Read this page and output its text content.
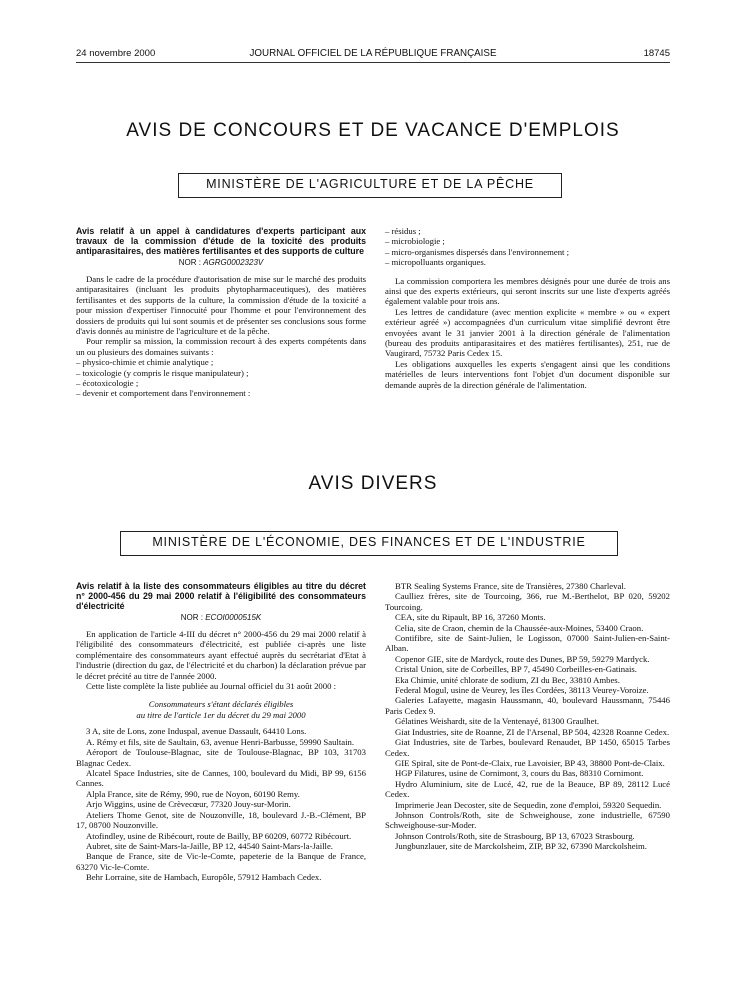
24 novembre 2000	JOURNAL OFFICIEL DE LA RÉPUBLIQUE FRANÇAISE	18745
AVIS DE CONCOURS ET DE VACANCE D'EMPLOIS
MINISTÈRE DE L'AGRICULTURE ET DE LA PÊCHE

Avis relatif à un appel à candidatures d'experts participant aux travaux de la commission d'étude de la toxicité des produits antiparasitaires, des matières fertilisantes et des supports de culture

NOR : AGRG0002323V

Dans le cadre de la procédure d'autorisation de mise sur le marché des produits antiparasitaires (incluant les produits phytopharmaceutiques), des matières fertilisantes et des supports de la culture, la commission d'étude de la toxicité a pour mission d'expertiser l'innocuité pour l'homme et pour l'environnement des dossiers de produits qui lui sont soumis et de présenter ses conclusions sous forme d'avis donnés au ministre de l'agriculture et de la pêche.

Pour remplir sa mission, la commission recourt à des experts compétents dans un ou plusieurs des domaines suivants :

– physico-chimie et chimie analytique ;

– toxicologie (y compris le risque manipulateur) ;

– écotoxicologie ;

– devenir et comportement dans l'environnement :

– résidus ;

– microbiologie ;

– micro-organismes dispersés dans l'environnement ;

– micropolluants organiques.

La commission comportera les membres désignés pour une durée de trois ans ainsi que des experts extérieurs, qui seront inscrits sur une liste d'experts agréés également valable pour trois ans.

Les lettres de candidature (avec mention explicite « membre » ou « expert extérieur agréé ») accompagnées d'un curriculum vitae simplifié devront être envoyées avant le 31 janvier 2001 à la direction générale de l'alimentation (bureau des produits antiparasitaires et des matières fertilisantes), 251, rue de Vaugirard, 75732 Paris Cedex 15.

Les obligations auxquelles les experts s'engagent ainsi que les conditions matérielles de leurs interventions font l'objet d'un document disponible sur demande auprès de la direction générale de l'alimentation.

AVIS DIVERS
MINISTÈRE DE L'ÉCONOMIE, DES FINANCES ET DE L'INDUSTRIE

Avis relatif à la liste des consommateurs éligibles au titre du décret n° 2000-456 du 29 mai 2000 relatif à l'éligibilité des consommateurs d'électricité

NOR : ECOI0000515K

En application de l'article 4-III du décret n° 2000-456 du 29 mai 2000 relatif à l'éligibilité des consommateurs d'électricité, est publiée ci-après une liste complémentaire des consommateurs ayant effectué auprès du secrétariat d'Etat à l'industrie (direction du gaz, de l'électricité et du charbon) la déclaration prévue par le décret précité au titre de l'année 2000.

Cette liste complète la liste publiée au Journal officiel du 31 août 2000 :

Consommateurs s'étant déclarés éligibles
au titre de l'article 1er du décret du 29 mai 2000

3 A, site de Lons, zone Induspal, avenue Dassault, 64410 Lons.

A. Rémy et fils, site de Saultain, 63, avenue Henri-Barbusse, 59990 Saultain.

Aéroport de Toulouse-Blagnac, site de Toulouse-Blagnac, BP 103, 31703 Blagnac Cedex.

Alcatel Space Industries, site de Cannes, 100, boulevard du Midi, BP 99, 6156 Cannes.

Alpla France, site de Rémy, 990, rue de Noyon, 60190 Remy.

Arjo Wiggins, usine de Crèvecœur, 77320 Jouy-sur-Morin.

Ateliers Thome Genot, site de Nouzonville, 18, boulevard J.-B.-Clément, BP 17, 08700 Nouzonville.

Atofindley, usine de Ribécourt, route de Bailly, BP 60209, 60772 Ribécourt.

Aubret, site de Saint-Mars-la-Jaille, BP 12, 44540 Saint-Mars-la-Jaille.

Banque de France, site de Vic-le-Comte, papeterie de la Banque de France, 63270 Vic-le-Comte.

Behr Lorraine, site de Hambach, Europôle, 57912 Hambach Cedex.

BTR Sealing Systems France, site de Transières, 27380 Charleval.

Caulliez frères, site de Tourcoing, 366, rue M.-Berthelot, BP 020, 59202 Tourcoing.

CEA, site du Ripault, BP 16, 37260 Monts.

Celia, site de Craon, chemin de la Chaussée-aux-Moines, 53400 Craon.

Contifibre, site de Saint-Julien, le Logisson, 07000 Saint-Julien-en-Saint-Alban.

Copenor GIE, site de Mardyck, route des Dunes, BP 59, 59279 Mardyck.

Cristal Union, site de Corbeilles, BP 7, 45490 Corbeilles-en-Gatinais.

Eka Chimie, unité chlorate de sodium, ZI du Bec, 33810 Ambes.

Federal Mogul, usine de Veurey, les îles Cordées, 38113 Veurey-Voroize.

Galeries Lafayette, magasin Haussmann, 40, boulevard Haussmann, 75446 Paris Cedex 9.

Gélatines Weishardt, site de la Ventenayé, 81300 Graulhet.

Giat Industries, site de Roanne, ZI de l'Arsenal, BP 504, 42328 Roanne Cedex.

Giat Industries, site de Tarbes, boulevard Renaudet, BP 1450, 65015 Tarbes Cedex.

GIE Spiral, site de Pont-de-Claix, rue Lavoisier, BP 43, 38800 Pont-de-Claix.

HGP Filatures, usine de Cornimont, 3, cours du Bas, 88310 Cornimont.

Hydro Aluminium, site de Lucé, 42, rue de la Beauce, BP 89, 28112 Lucé Cedex.

Imprimerie Jean Decoster, site de Sequedin, zone d'emploi, 59320 Sequedin.

Johnson Controls/Roth, site de Schweighouse, zone industrielle, 67590 Schweighouse-sur-Moder.

Johnson Controls/Roth, site de Strasbourg, BP 13, 67023 Strasbourg.

Jungbunzlauer, site de Marckolsheim, ZIP, BP 32, 67390 Marckolsheim.
